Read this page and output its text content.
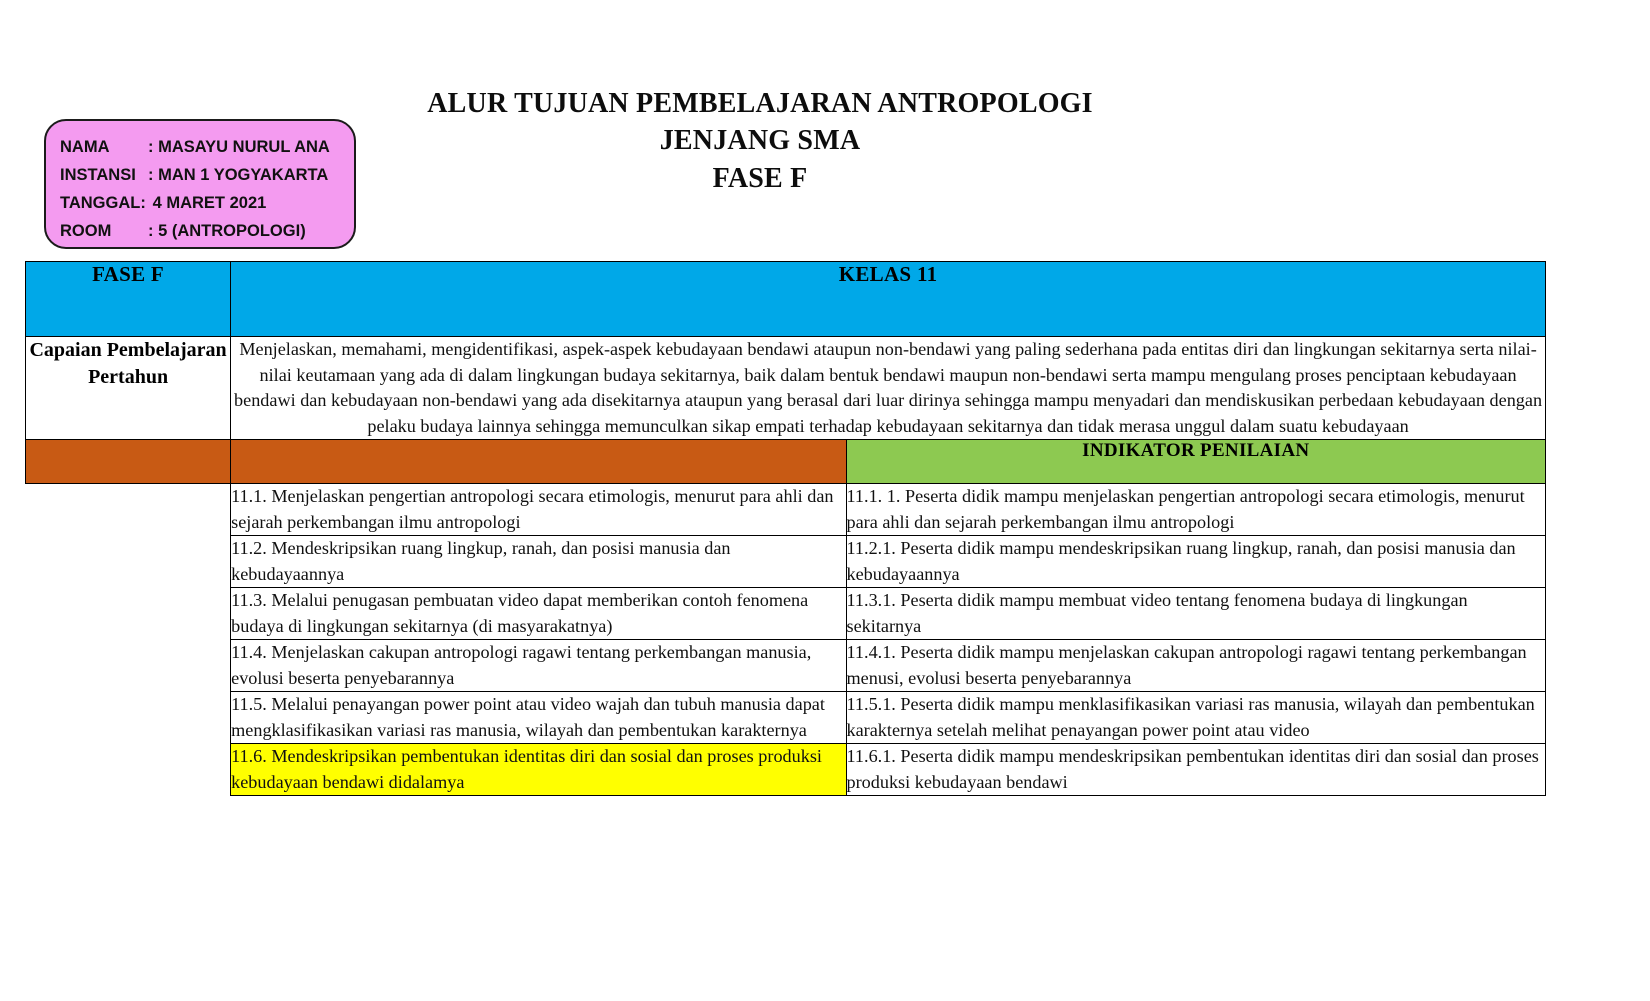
ALUR TUJUAN PEMBELAJARAN ANTROPOLOGI
JENJANG SMA
FASE F
NAMA : MASAYU NURUL ANA
INSTANSI : MAN 1 YOGYAKARTA
TANGGAL: 4 MARET 2021
ROOM : 5 (ANTROPOLOGI)
FASE F	KELAS 11	
Capaian Pembelajaran Pertahun	Menjelaskan, memahami, mengidentifikasi, aspek-aspek kebudayaan bendawi ataupun non-bendawi yang paling sederhana pada entitas diri dan lingkungan sekitarnya serta nilai-nilai keutamaan yang ada di dalam lingkungan budaya sekitarnya, baik dalam bentuk bendawi maupun non-bendawi serta mampu mengulang proses penciptaan kebudayaan bendawi dan kebudayaan non-bendawi yang ada disekitarnya ataupun yang berasal dari luar dirinya sehingga mampu menyadari dan mendiskusikan perbedaan kebudayaan dengan pelaku budaya lainnya sehingga memunculkan sikap empati terhadap kebudayaan sekitarnya dan tidak merasa unggul dalam suatu kebudayaan	
		INDIKATOR PENILAIAN
	11.1. Menjelaskan pengertian antropologi secara etimologis, menurut para ahli dan sejarah perkembangan ilmu antropologi	11.1. 1. Peserta didik mampu menjelaskan pengertian antropologi secara etimologis, menurut para ahli dan sejarah perkembangan ilmu antropologi
	11.2. Mendeskripsikan ruang lingkup, ranah, dan posisi manusia dan kebudayaannya	11.2.1. Peserta didik mampu mendeskripsikan ruang lingkup, ranah, dan posisi manusia dan kebudayaannya
	11.3. Melalui penugasan pembuatan video dapat memberikan contoh fenomena budaya di lingkungan sekitarnya (di masyarakatnya)	11.3.1. Peserta didik mampu membuat video tentang fenomena budaya di lingkungan sekitarnya
	11.4. Menjelaskan cakupan antropologi ragawi tentang perkembangan manusia, evolusi beserta penyebarannya	11.4.1. Peserta didik mampu menjelaskan cakupan antropologi ragawi tentang perkembangan menusi, evolusi beserta penyebarannya
	11.5. Melalui penayangan power point atau video wajah dan tubuh manusia dapat mengklasifikasikan variasi ras manusia, wilayah dan pembentukan karakternya	11.5.1. Peserta didik mampu menklasifikasikan variasi ras manusia, wilayah dan pembentukan karakternya setelah melihat penayangan power point atau video
	11.6. Mendeskripsikan pembentukan identitas diri dan sosial dan proses produksi kebudayaan bendawi didalamya	11.6.1. Peserta didik mampu mendeskripsikan pembentukan identitas diri dan sosial dan proses produksi kebudayaan bendawi
